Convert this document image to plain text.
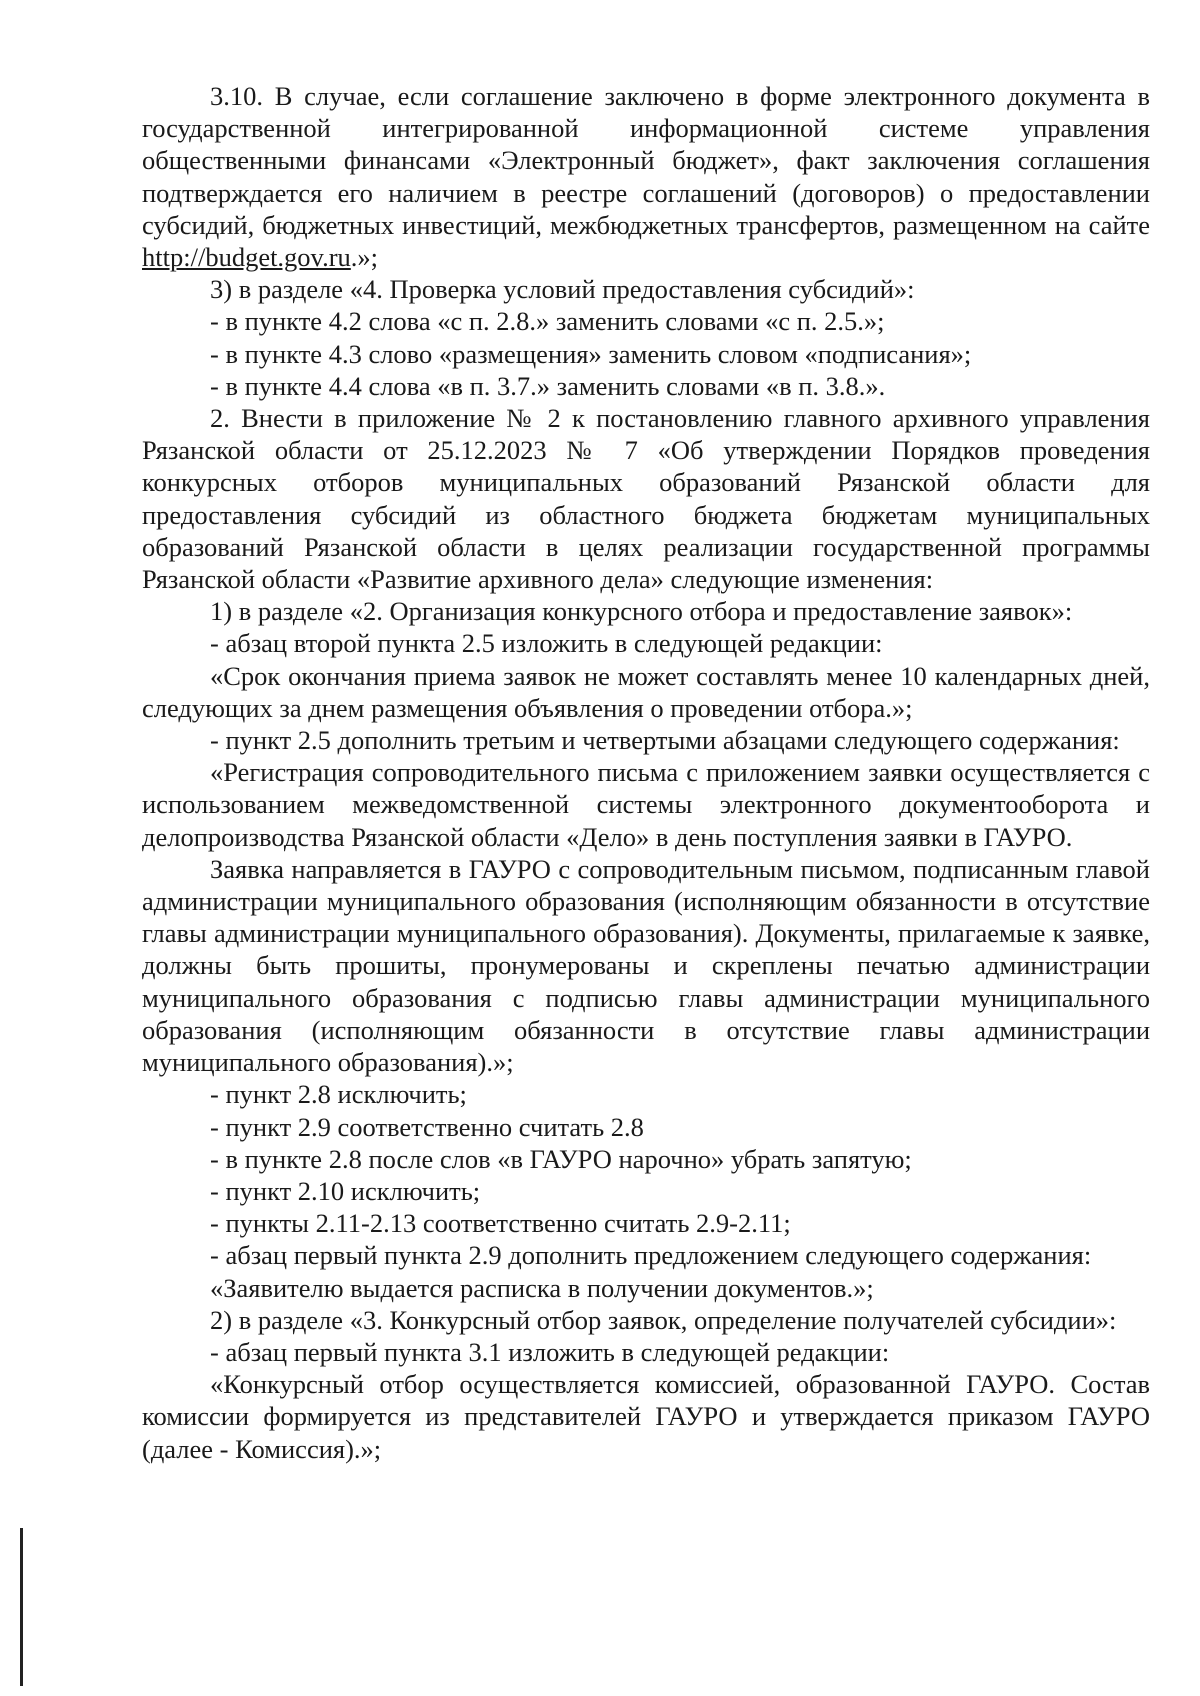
3.10. В случае, если соглашение заключено в форме электронного документа в государственной интегрированной информационной системе управления общественными финансами «Электронный бюджет», факт заключения соглашения подтверждается его наличием в реестре соглашений (договоров) о предоставлении субсидий, бюджетных инвестиций, межбюджетных трансфертов, размещенном на сайте http://budget.gov.ru.»;

3) в разделе «4. Проверка условий предоставления субсидий»:

- в пункте 4.2 слова «с п. 2.8.» заменить словами «с п. 2.5.»;

- в пункте 4.3 слово «размещения» заменить словом «подписания»;

- в пункте 4.4 слова «в п. 3.7.» заменить словами «в п. 3.8.».

2. Внести в приложение № 2 к постановлению главного архивного управления Рязанской области от 25.12.2023 № 7 «Об утверждении Порядков проведения конкурсных отборов муниципальных образований Рязанской области для предоставления субсидий из областного бюджета бюджетам муниципальных образований Рязанской области в целях реализации государственной программы Рязанской области «Развитие архивного дела» следующие изменения:

1) в разделе «2. Организация конкурсного отбора и предоставление заявок»:

- абзац второй пункта 2.5 изложить в следующей редакции:

«Срок окончания приема заявок не может составлять менее 10 календарных дней, следующих за днем размещения объявления о проведении отбора.»;

- пункт 2.5 дополнить третьим и четвертыми абзацами следующего содержания:

«Регистрация сопроводительного письма с приложением заявки осуществляется с использованием межведомственной системы электронного документооборота и делопроизводства Рязанской области «Дело» в день поступления заявки в ГАУРО.

Заявка направляется в ГАУРО с сопроводительным письмом, подписанным главой администрации муниципального образования (исполняющим обязанности в отсутствие главы администрации муниципального образования). Документы, прилагаемые к заявке, должны быть прошиты, пронумерованы и скреплены печатью администрации муниципального образования с подписью главы администрации муниципального образования (исполняющим обязанности в отсутствие главы администрации муниципального образования).»;

- пункт 2.8 исключить;

- пункт 2.9 соответственно считать 2.8

- в пункте 2.8 после слов «в ГАУРО нарочно» убрать запятую;

- пункт 2.10 исключить;

- пункты 2.11-2.13 соответственно считать 2.9-2.11;

- абзац первый пункта 2.9 дополнить предложением следующего содержания:

«Заявителю выдается расписка в получении документов.»;

2) в разделе «3. Конкурсный отбор заявок, определение получателей субсидии»:

- абзац первый пункта 3.1 изложить в следующей редакции:

«Конкурсный отбор осуществляется комиссией, образованной ГАУРО. Состав комиссии формируется из представителей ГАУРО и утверждается приказом ГАУРО (далее - Комиссия).»;
